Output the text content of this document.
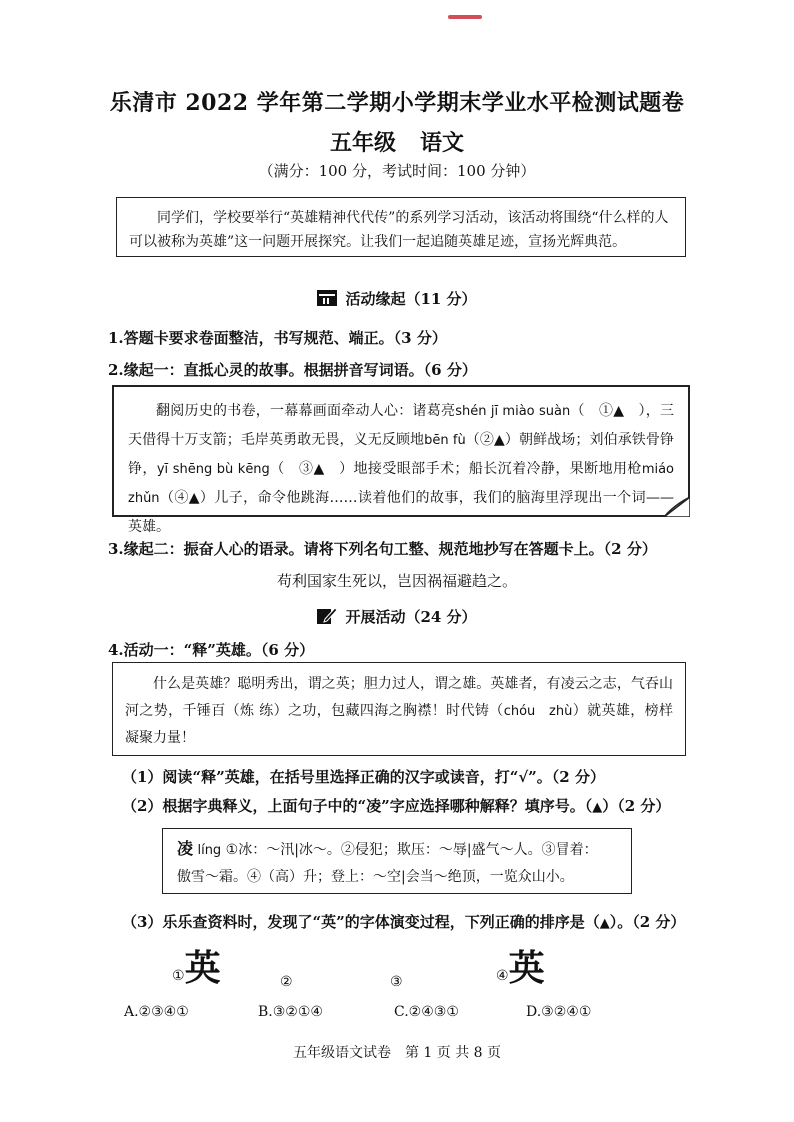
乐清市 2022 学年第二学期小学期末学业水平检测试题卷
五年级 语文
（满分：100 分，考试时间：100 分钟）
同学们，学校要举行“英雄精神代代传”的系列学习活动，该活动将围绕“什么样的人可以被称为英雄”这一问题开展探究。让我们一起追随英雄足迹，宣扬光辉典范。
活动缘起（11 分）
1.答题卡要求卷面整洁，书写规范、端正。（3 分）
2.缘起一：直抵心灵的故事。根据拼音写词语。（6 分）
翻阅历史的书卷，一幕幕画面牵动人心：诸葛亮shén jī miào suàn（　①▲　），三天借得十万支箭；毛岸英勇敢无畏，义无反顾地bēn fù（②▲）朝鲜战场；刘伯承铁骨铮铮，yī shēng bù kēng（　③▲　）地接受眼部手术；船长沉着冷静，果断地用枪miáo zhǔn（④▲）儿子，命令他跳海……读着他们的故事，我们的脑海里浮现出一个词——英雄。
3.缘起二：振奋人心的语录。请将下列名句工整、规范地抄写在答题卡上。（2 分）
苟利国家生死以，岂因祸福避趋之。
开展活动（24 分）
4.活动一：“释”英雄。（6 分）
什么是英雄？聪明秀出，谓之英；胆力过人，谓之雄。英雄者，有凌云之志，气吞山河之势，千锤百（炼 练）之功，包藏四海之胸襟！时代铸（chóu　zhù）就英雄，榜样凝聚力量！
（1）阅读“释”英雄，在括号里选择正确的汉字或读音，打“√”。（2 分）
（2）根据字典释义，上面句子中的“凌”字应选择哪种解释？填序号。（▲）（2 分）
凌 líng ①冰：～汛|冰～。②侵犯；欺压：～辱|盛气～人。③冒着：
傲雪～霜。④（高）升；登上：～空|会当～绝顶，一览众山小。
（3）乐乐查资料时，发现了“英”的字体演变过程，下列正确的排序是（▲）。（2 分）
①英	②	③	④英
A.②③④①	B.③②①④	C.②④③①	D.③②④①
五年级语文试卷　第 1 页 共 8 页
